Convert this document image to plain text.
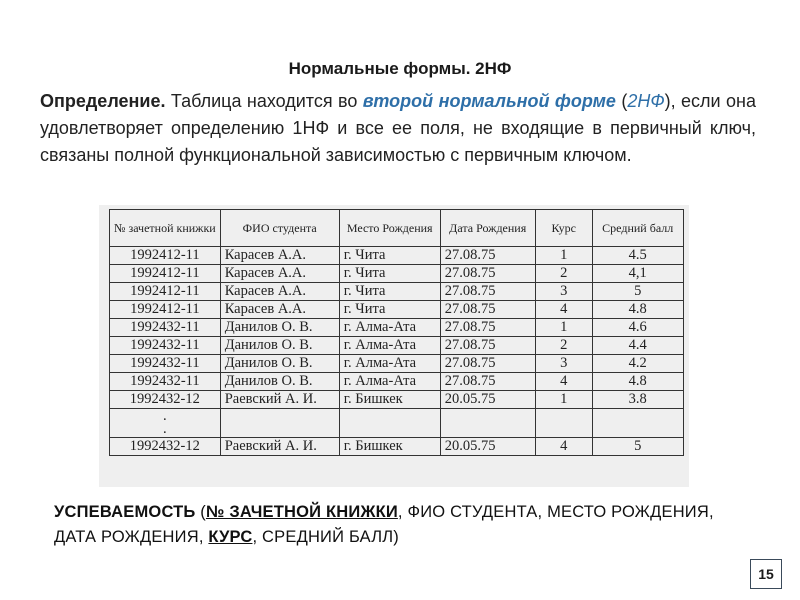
Нормальные формы. 2НФ
Определение. Таблица находится во второй нормальной форме (2НФ), если она удовлетворяет определению 1НФ и все ее поля, не входящие в первичный ключ, связаны полной функциональной зависимостью с первичным ключом.
№ зачетной книжки	ФИО студента	Место Рождения	Дата Рождения	Курс	Средний балл
1992412-11	Карасев А.А.	г. Чита	27.08.75	1	4.5
1992412-11	Карасев А.А.	г. Чита	27.08.75	2	4,1
1992412-11	Карасев А.А.	г. Чита	27.08.75	3	5
1992412-11	Карасев А.А.	г. Чита	27.08.75	4	4.8
1992432-11	Данилов О. В.	г. Алма-Ата	27.08.75	1	4.6
1992432-11	Данилов О. В.	г. Алма-Ата	27.08.75	2	4.4
1992432-11	Данилов О. В.	г. Алма-Ата	27.08.75	3	4.2
1992432-11	Данилов О. В.	г. Алма-Ата	27.08.75	4	4.8
1992432-12	Раевский А. И.	г. Бишкек	20.05.75	1	3.8
.
.					
1992432-12	Раевский А. И.	г. Бишкек	20.05.75	4	5
УСПЕВАЕМОСТЬ (№ ЗАЧЕТНОЙ КНИЖКИ, ФИО СТУДЕНТА, МЕСТО РОЖДЕНИЯ, ДАТА РОЖДЕНИЯ, КУРС, СРЕДНИЙ БАЛЛ)
15
